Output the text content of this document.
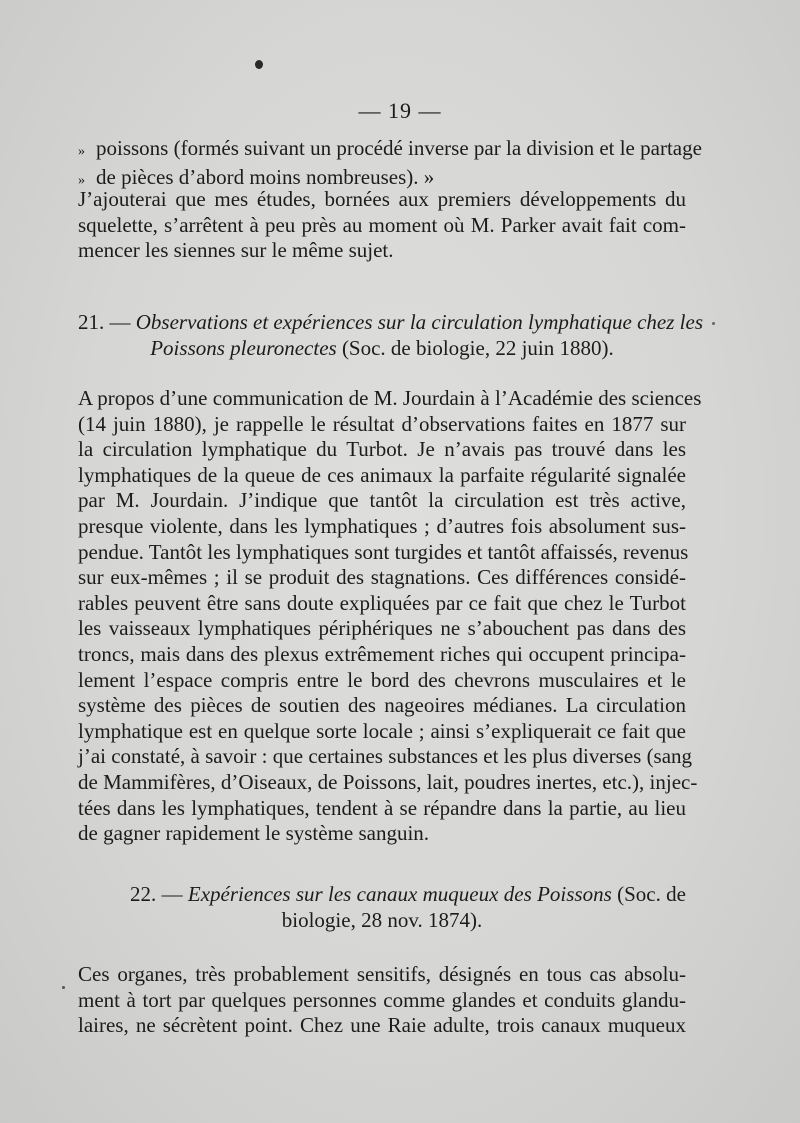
— 19 —
» poissons (formés suivant un procédé inverse par la division et le partage
» de pièces d’abord moins nombreuses). »
J’ajouterai que mes études, bornées aux premiers développements du
squelette, s’arrêtent à peu près au moment où M. Parker avait fait com-
mencer les siennes sur le même sujet.
21. — Observations et expériences sur la circulation lymphatique chez les
Poissons pleuronectes (Soc. de biologie, 22 juin 1880).
A propos d’une communication de M. Jourdain à l’Académie des sciences
(14 juin 1880), je rappelle le résultat d’observations faites en 1877 sur
la circulation lymphatique du Turbot. Je n’avais pas trouvé dans les
lymphatiques de la queue de ces animaux la parfaite régularité signalée
par M. Jourdain. J’indique que tantôt la circulation est très active,
presque violente, dans les lymphatiques ; d’autres fois absolument sus-
pendue. Tantôt les lymphatiques sont turgides et tantôt affaissés, revenus
sur eux-mêmes ; il se produit des stagnations. Ces différences considé-
rables peuvent être sans doute expliquées par ce fait que chez le Turbot
les vaisseaux lymphatiques périphériques ne s’abouchent pas dans des
troncs, mais dans des plexus extrêmement riches qui occupent principa-
lement l’espace compris entre le bord des chevrons musculaires et le
système des pièces de soutien des nageoires médianes. La circulation
lymphatique est en quelque sorte locale ; ainsi s’expliquerait ce fait que
j’ai constaté, à savoir : que certaines substances et les plus diverses (sang
de Mammifères, d’Oiseaux, de Poissons, lait, poudres inertes, etc.), injec-
tées dans les lymphatiques, tendent à se répandre dans la partie, au lieu
de gagner rapidement le système sanguin.
22. — Expériences sur les canaux muqueux des Poissons (Soc. de
biologie, 28 nov. 1874).
Ces organes, très probablement sensitifs, désignés en tous cas absolu-
ment à tort par quelques personnes comme glandes et conduits glandu-
laires, ne sécrètent point. Chez une Raie adulte, trois canaux muqueux
